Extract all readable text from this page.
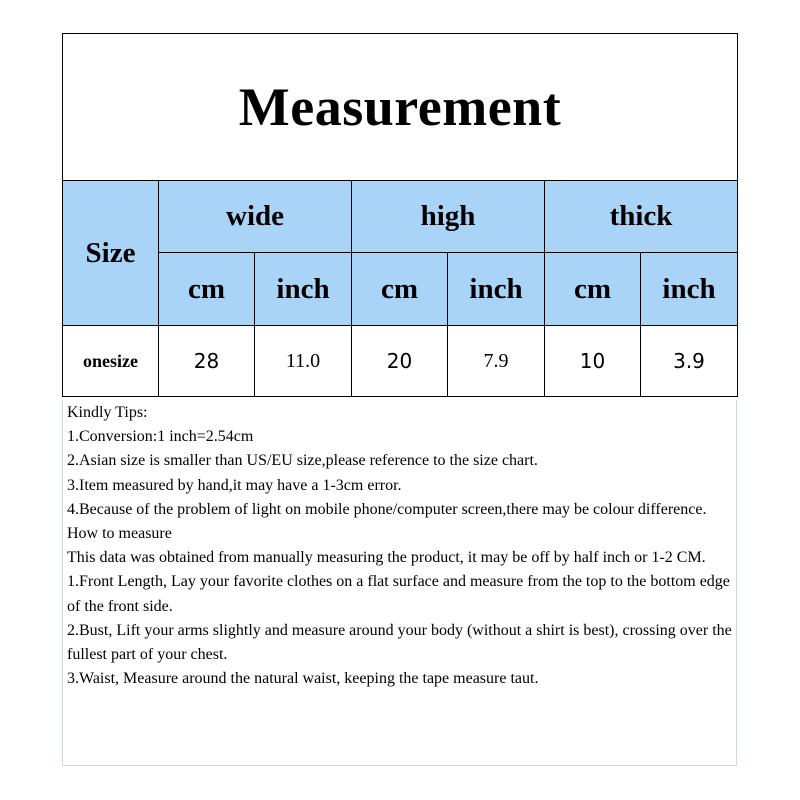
Measurement						
Size	wide		high		thick	
	cm	inch	cm	inch	cm	inch
onesize	28	11.0	20	7.9	10	3.9

Kindly Tips:

1.Conversion:1 inch=2.54cm

2.Asian size is smaller than US/EU size,please reference to the size chart.

3.Item measured by hand,it may have a 1-3cm error.

4.Because of the problem of light on mobile phone/computer screen,there may be colour difference.

How to measure

This data was obtained from manually measuring the product, it may be off by half inch or 1-2 CM.

1.Front Length, Lay your favorite clothes on a flat surface and measure from the top to the bottom edge of the front side.

2.Bust, Lift your arms slightly and measure around your body (without a shirt is best), crossing over the fullest part of your chest.

3.Waist, Measure around the natural waist, keeping the tape measure taut.
